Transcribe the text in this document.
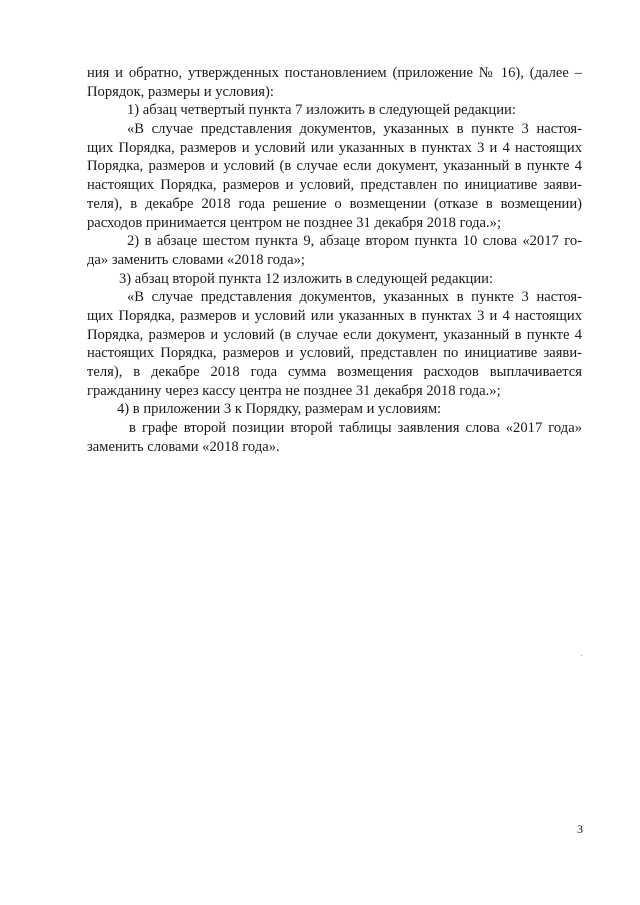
ния и обратно, утвержденных постановлением (приложение № 16), (далее –
Порядок, размеры и условия):
1) абзац четвертый пункта 7 изложить в следующей редакции:
«В случае представления документов, указанных в пункте 3 настоя-
щих Порядка, размеров и условий или указанных в пунктах 3 и 4 настоящих
Порядка, размеров и условий (в случае если документ, указанный в пункте 4
настоящих Порядка, размеров и условий, представлен по инициативе заяви-
теля), в декабре 2018 года решение о возмещении (отказе в возмещении)
расходов принимается центром не позднее 31 декабря 2018 года.»;
2) в абзаце шестом пункта 9, абзаце втором пункта 10 слова «2017 го-
да» заменить словами «2018 года»;
3) абзац второй пункта 12 изложить в следующей редакции:
«В случае представления документов, указанных в пункте 3 настоя-
щих Порядка, размеров и условий или указанных в пунктах 3 и 4 настоящих
Порядка, размеров и условий (в случае если документ, указанный в пункте 4
настоящих Порядка, размеров и условий, представлен по инициативе заяви-
теля), в декабре 2018 года сумма возмещения расходов выплачивается
гражданину через кассу центра не позднее 31 декабря 2018 года.»;
4) в приложении 3 к Порядку, размерам и условиям:
в графе второй позиции второй таблицы заявления слова «2017 года»
заменить словами «2018 года».
3
